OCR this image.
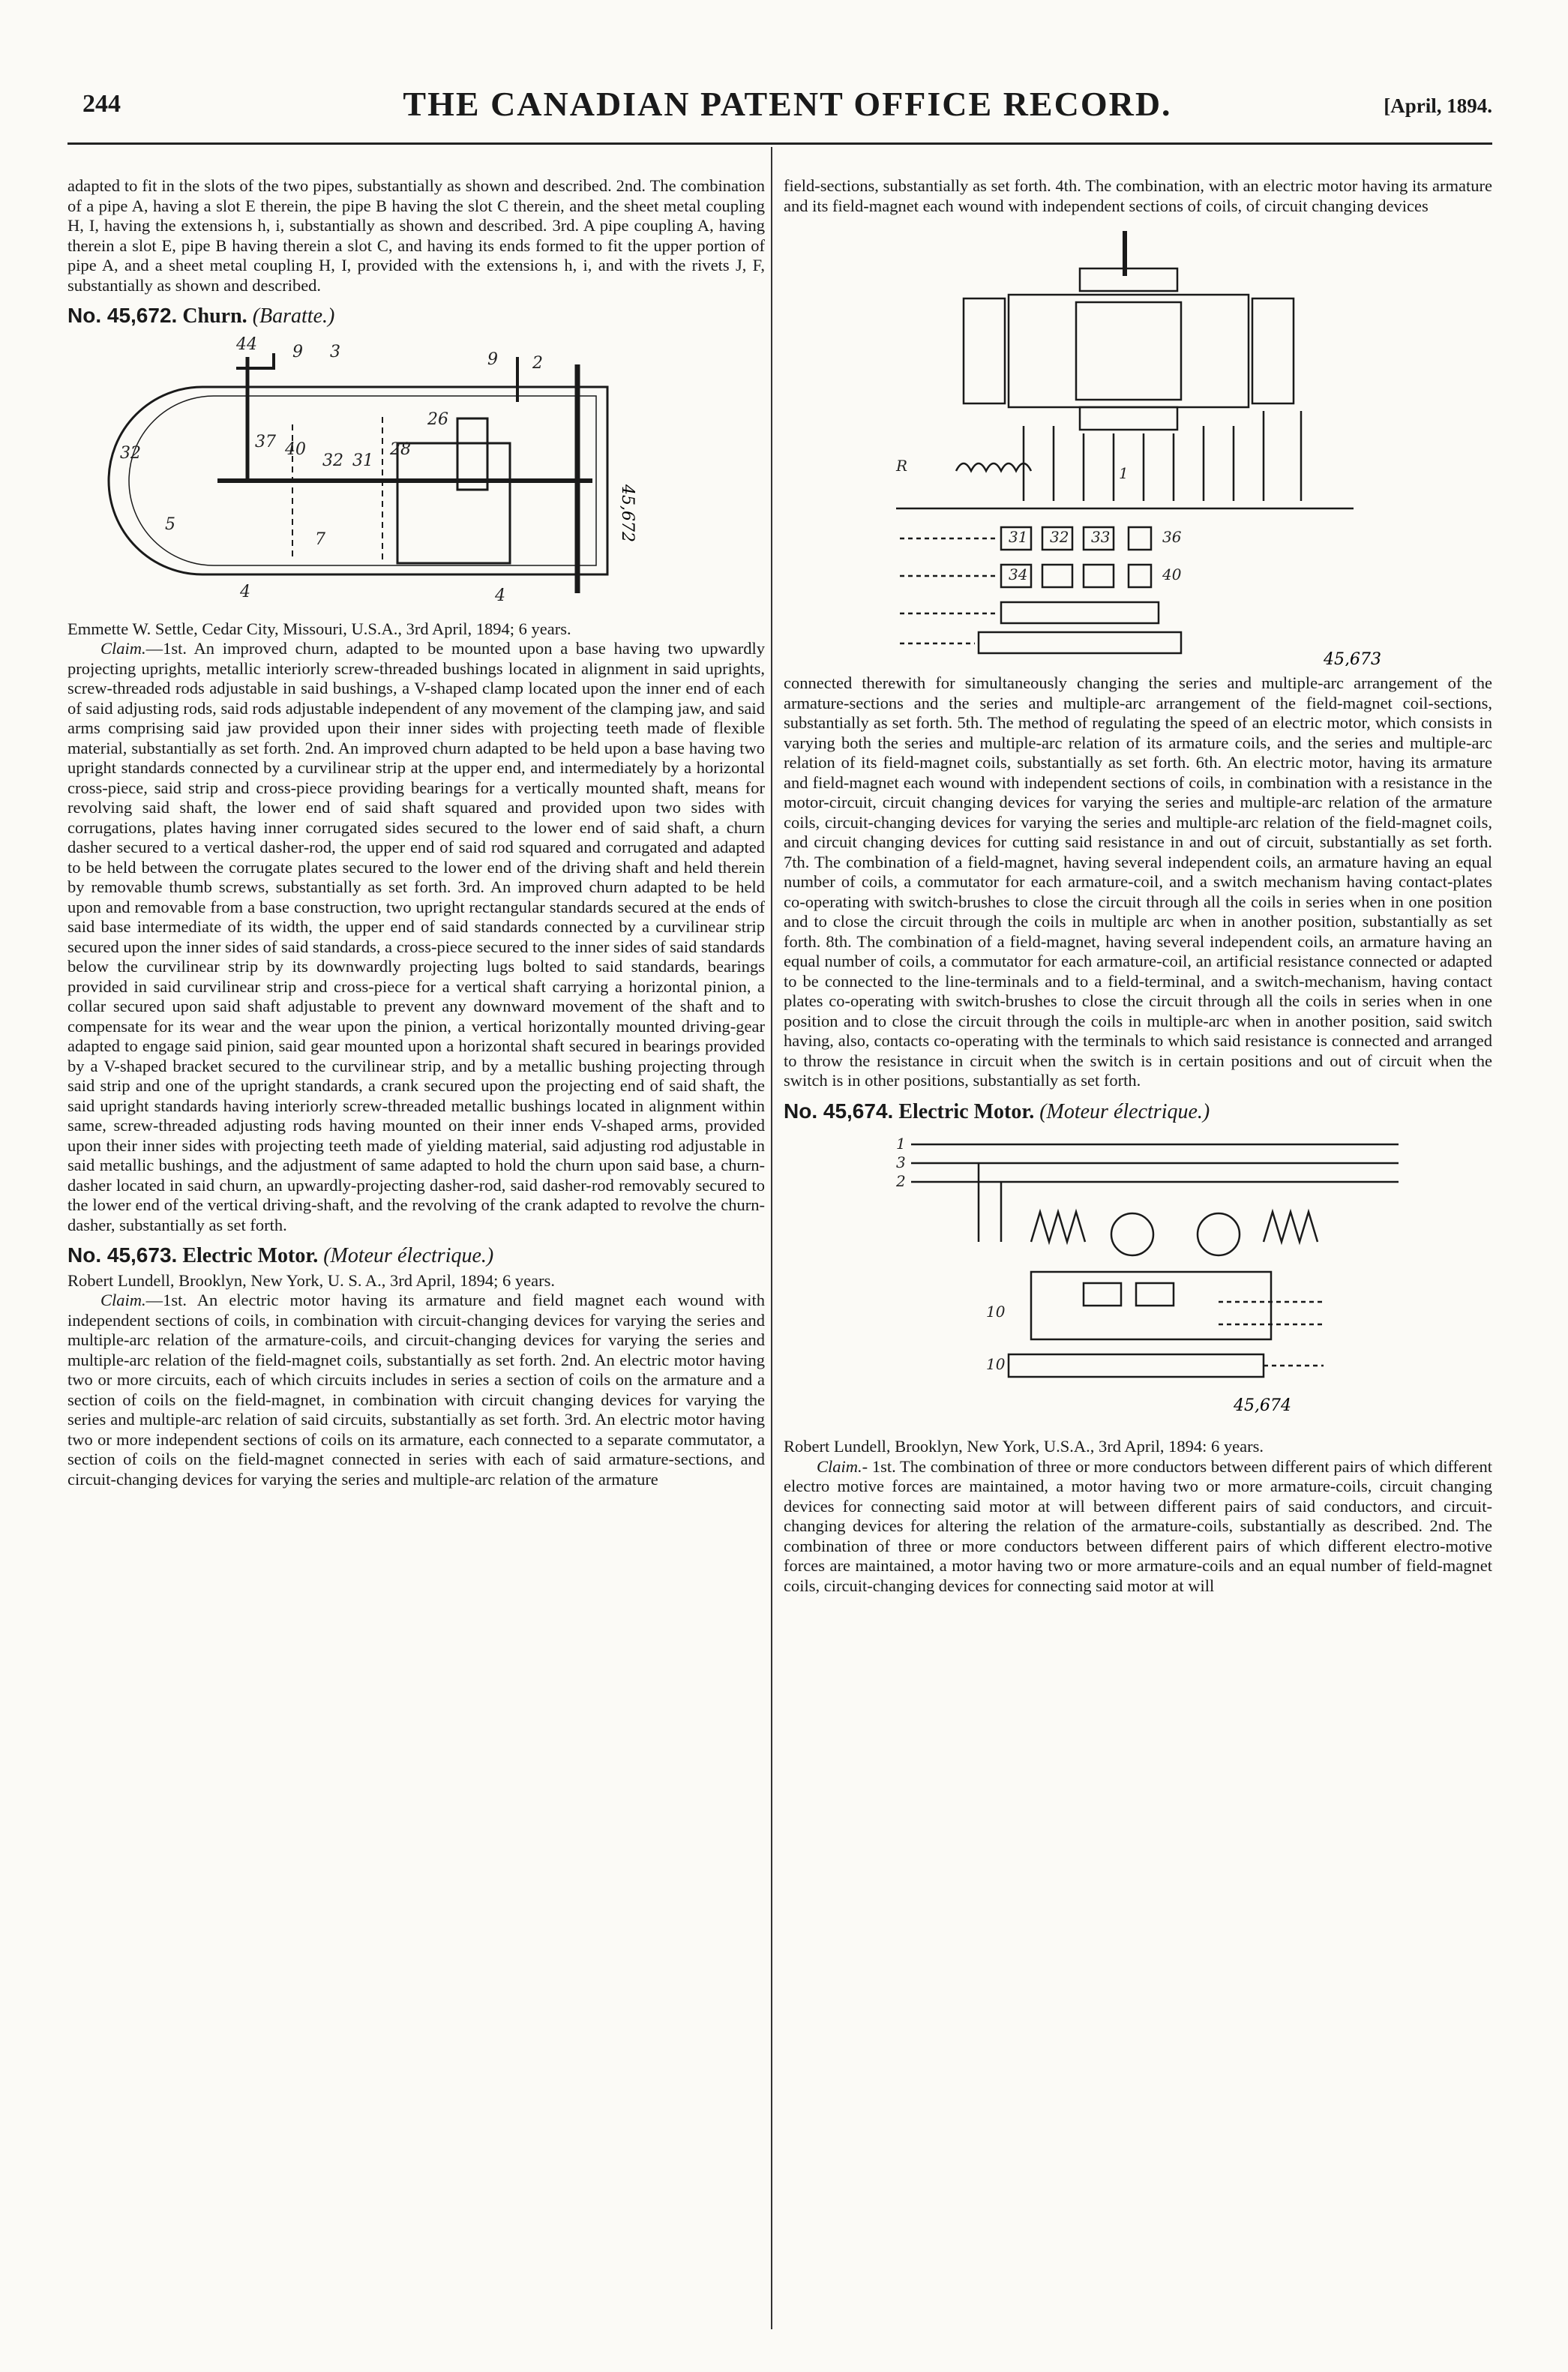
244	THE CANADIAN PATENT OFFICE RECORD.	[April, 1894.

adapted to fit in the slots of the two pipes, substantially as shown and described. 2nd. The combination of a pipe A, having a slot E therein, the pipe B having the slot C therein, and the sheet metal coupling H, I, having the extensions h, i, substantially as shown and described. 3rd. A pipe coupling A, having therein a slot E, pipe B having therein a slot C, and having its ends formed to fit the upper portion of pipe A, and a sheet metal coupling H, I, provided with the extensions h, i, and with the rivets J, F, substantially as shown and described.

No. 45,672. Churn. (Baratte.)
32
5
44 9 3
32 31
28
26
37 40
7
9 2
4
4
45,672

Emmette W. Settle, Cedar City, Missouri, U.S.A., 3rd April, 1894; 6 years.

Claim.—1st. An improved churn, adapted to be mounted upon a base having two upwardly projecting uprights, metallic interiorly screw-threaded bushings located in alignment in said uprights, screw-threaded rods adjustable in said bushings, a V-shaped clamp located upon the inner end of each of said adjusting rods, said rods adjustable independent of any movement of the clamping jaw, and said arms comprising said jaw provided upon their inner sides with projecting teeth made of flexible material, substantially as set forth. 2nd. An improved churn adapted to be held upon a base having two upright standards connected by a curvilinear strip at the upper end, and intermediately by a horizontal cross-piece, said strip and cross-piece providing bearings for a vertically mounted shaft, means for revolving said shaft, the lower end of said shaft squared and provided upon two sides with corrugations, plates having inner corrugated sides secured to the lower end of said shaft, a churn dasher secured to a vertical dasher-rod, the upper end of said rod squared and corrugated and adapted to be held between the corrugate plates secured to the lower end of the driving shaft and held therein by removable thumb screws, substantially as set forth. 3rd. An improved churn adapted to be held upon and removable from a base construction, two upright rectangular standards secured at the ends of said base intermediate of its width, the upper end of said standards connected by a curvilinear strip secured upon the inner sides of said standards, a cross-piece secured to the inner sides of said standards below the curvilinear strip by its downwardly projecting lugs bolted to said standards, bearings provided in said curvilinear strip and cross-piece for a vertical shaft carrying a horizontal pinion, a collar secured upon said shaft adjustable to prevent any downward movement of the shaft and to compensate for its wear and the wear upon the pinion, a vertical horizontally mounted driving-gear adapted to engage said pinion, said gear mounted upon a horizontal shaft secured in bearings provided by a V-shaped bracket secured to the curvilinear strip, and by a metallic bushing projecting through said strip and one of the upright standards, a crank secured upon the projecting end of said shaft, the said upright standards having interiorly screw-threaded metallic bushings located in alignment within same, screw-threaded adjusting rods having mounted on their inner ends V-shaped arms, provided upon their inner sides with projecting teeth made of yielding material, said adjusting rod adjustable in said metallic bushings, and the adjustment of same adapted to hold the churn upon said base, a churn-dasher located in said churn, an upwardly-projecting dasher-rod, said dasher-rod removably secured to the lower end of the vertical driving-shaft, and the revolving of the crank adapted to revolve the churn-dasher, substantially as set forth.

No. 45,673. Electric Motor. (Moteur électrique.)

Robert Lundell, Brooklyn, New York, U. S. A., 3rd April, 1894; 6 years.

Claim.—1st. An electric motor having its armature and field magnet each wound with independent sections of coils, in combination with circuit-changing devices for varying the series and multiple-arc relation of the armature-coils, and circuit-changing devices for varying the series and multiple-arc relation of the field-magnet coils, substantially as set forth. 2nd. An electric motor having two or more circuits, each of which circuits includes in series a section of coils on the armature and a section of coils on the field-magnet, in combination with circuit changing devices for varying the series and multiple-arc relation of said circuits, substantially as set forth. 3rd. An electric motor having two or more independent sections of coils on its armature, each connected to a separate commutator, a section of coils on the field-magnet connected in series with each of said armature-sections, and circuit-changing devices for varying the series and multiple-arc relation of the armature

field-sections, substantially as set forth. 4th. The combination, with an electric motor having its armature and its field-magnet each wound with independent sections of coils, of circuit changing devices

1
R
31 32 33	36
34	40
45,673

connected therewith for simultaneously changing the series and multiple-arc arrangement of the armature-sections and the series and multiple-arc arrangement of the field-magnet coil-sections, substantially as set forth. 5th. The method of regulating the speed of an electric motor, which consists in varying both the series and multiple-arc relation of its armature coils, and the series and multiple-arc relation of its field-magnet coils, substantially as set forth. 6th. An electric motor, having its armature and field-magnet each wound with independent sections of coils, in combination with a resistance in the motor-circuit, circuit changing devices for varying the series and multiple-arc relation of the armature coils, circuit-changing devices for varying the series and multiple-arc relation of the field-magnet coils, and circuit changing devices for cutting said resistance in and out of circuit, substantially as set forth. 7th. The combination of a field-magnet, having several independent coils, an armature having an equal number of coils, a commutator for each armature-coil, and a switch mechanism having contact-plates co-operating with switch-brushes to close the circuit through all the coils in series when in one position and to close the circuit through the coils in multiple arc when in another position, substantially as set forth. 8th. The combination of a field-magnet, having several independent coils, an armature having an equal number of coils, a commutator for each armature-coil, an artificial resistance connected or adapted to be connected to the line-terminals and to a field-terminal, and a switch-mechanism, having contact plates co-operating with switch-brushes to close the circuit through all the coils in series when in one position and to close the circuit through the coils in multiple-arc when in another position, said switch having, also, contacts co-operating with the terminals to which said resistance is connected and arranged to throw the resistance in circuit when the switch is in certain positions and out of circuit when the switch is in other positions, substantially as set forth.

No. 45,674. Electric Motor. (Moteur électrique.)
1
3
2
10
10
45,674

Robert Lundell, Brooklyn, New York, U.S.A., 3rd April, 1894: 6 years.

Claim.- 1st. The combination of three or more conductors between different pairs of which different electro motive forces are maintained, a motor having two or more armature-coils, circuit changing devices for connecting said motor at will between different pairs of said conductors, and circuit-changing devices for altering the relation of the armature-coils, substantially as described. 2nd. The combination of three or more conductors between different pairs of which different electro-motive forces are maintained, a motor having two or more armature-coils and an equal number of field-magnet coils, circuit-changing devices for connecting said motor at will
